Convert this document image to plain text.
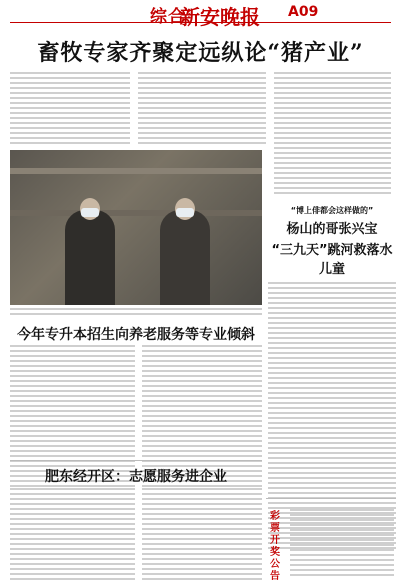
综合
新安晚报 A09
畜牧专家齐聚定远纵论“猪产业”
“博上俳都会这样做的”
杨山的哥张兴宝
“三九天”跳河救落水儿童
今年专升本招生向养老服务等专业倾斜
肥东经开区：志愿服务进企业
彩票开奖公告
